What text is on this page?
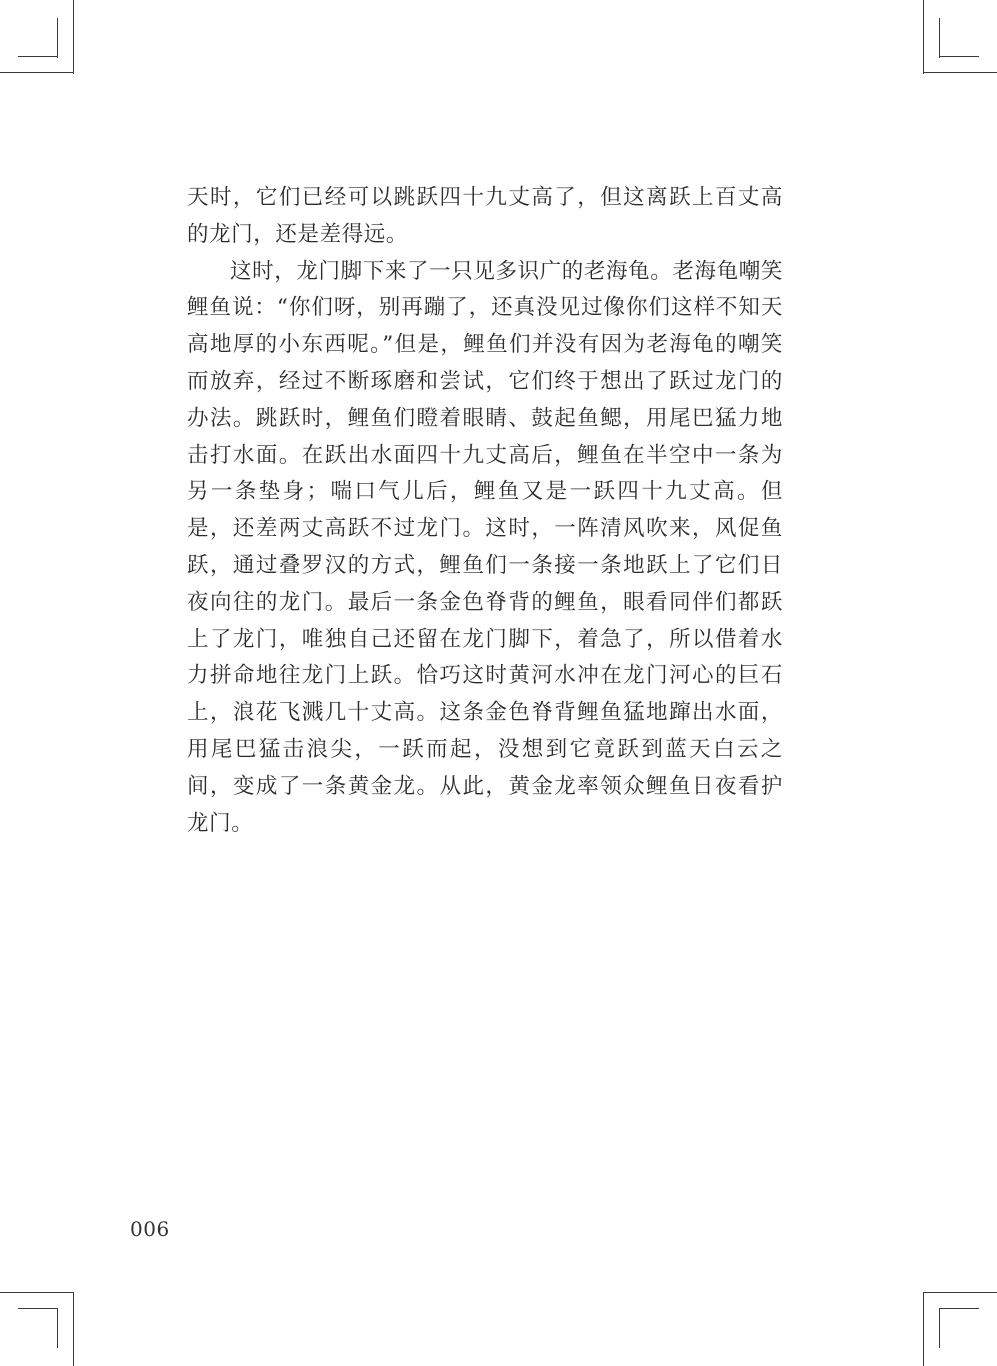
天时，它们已经可以跳跃四十九丈高了，但这离跃上百丈高的龙门，还是差得远。

这时，龙门脚下来了一只见多识广的老海龟。老海龟嘲笑鲤鱼说：“你们呀，别再蹦了，还真没见过像你们这样不知天高地厚的小东西呢。”但是，鲤鱼们并没有因为老海龟的嘲笑而放弃，经过不断琢磨和尝试，它们终于想出了跃过龙门的办法。跳跃时，鲤鱼们瞪着眼睛、鼓起鱼鳃，用尾巴猛力地击打水面。在跃出水面四十九丈高后，鲤鱼在半空中一条为另一条垫身；喘口气儿后，鲤鱼又是一跃四十九丈高。但是，还差两丈高跃不过龙门。这时，一阵清风吹来，风促鱼跃，通过叠罗汉的方式，鲤鱼们一条接一条地跃上了它们日夜向往的龙门。最后一条金色脊背的鲤鱼，眼看同伴们都跃上了龙门，唯独自己还留在龙门脚下，着急了，所以借着水力拼命地往龙门上跃。恰巧这时黄河水冲在龙门河心的巨石上，浪花飞溅几十丈高。这条金色脊背鲤鱼猛地蹿出水面，用尾巴猛击浪尖，一跃而起，没想到它竟跃到蓝天白云之间，变成了一条黄金龙。从此，黄金龙率领众鲤鱼日夜看护龙门。

006
